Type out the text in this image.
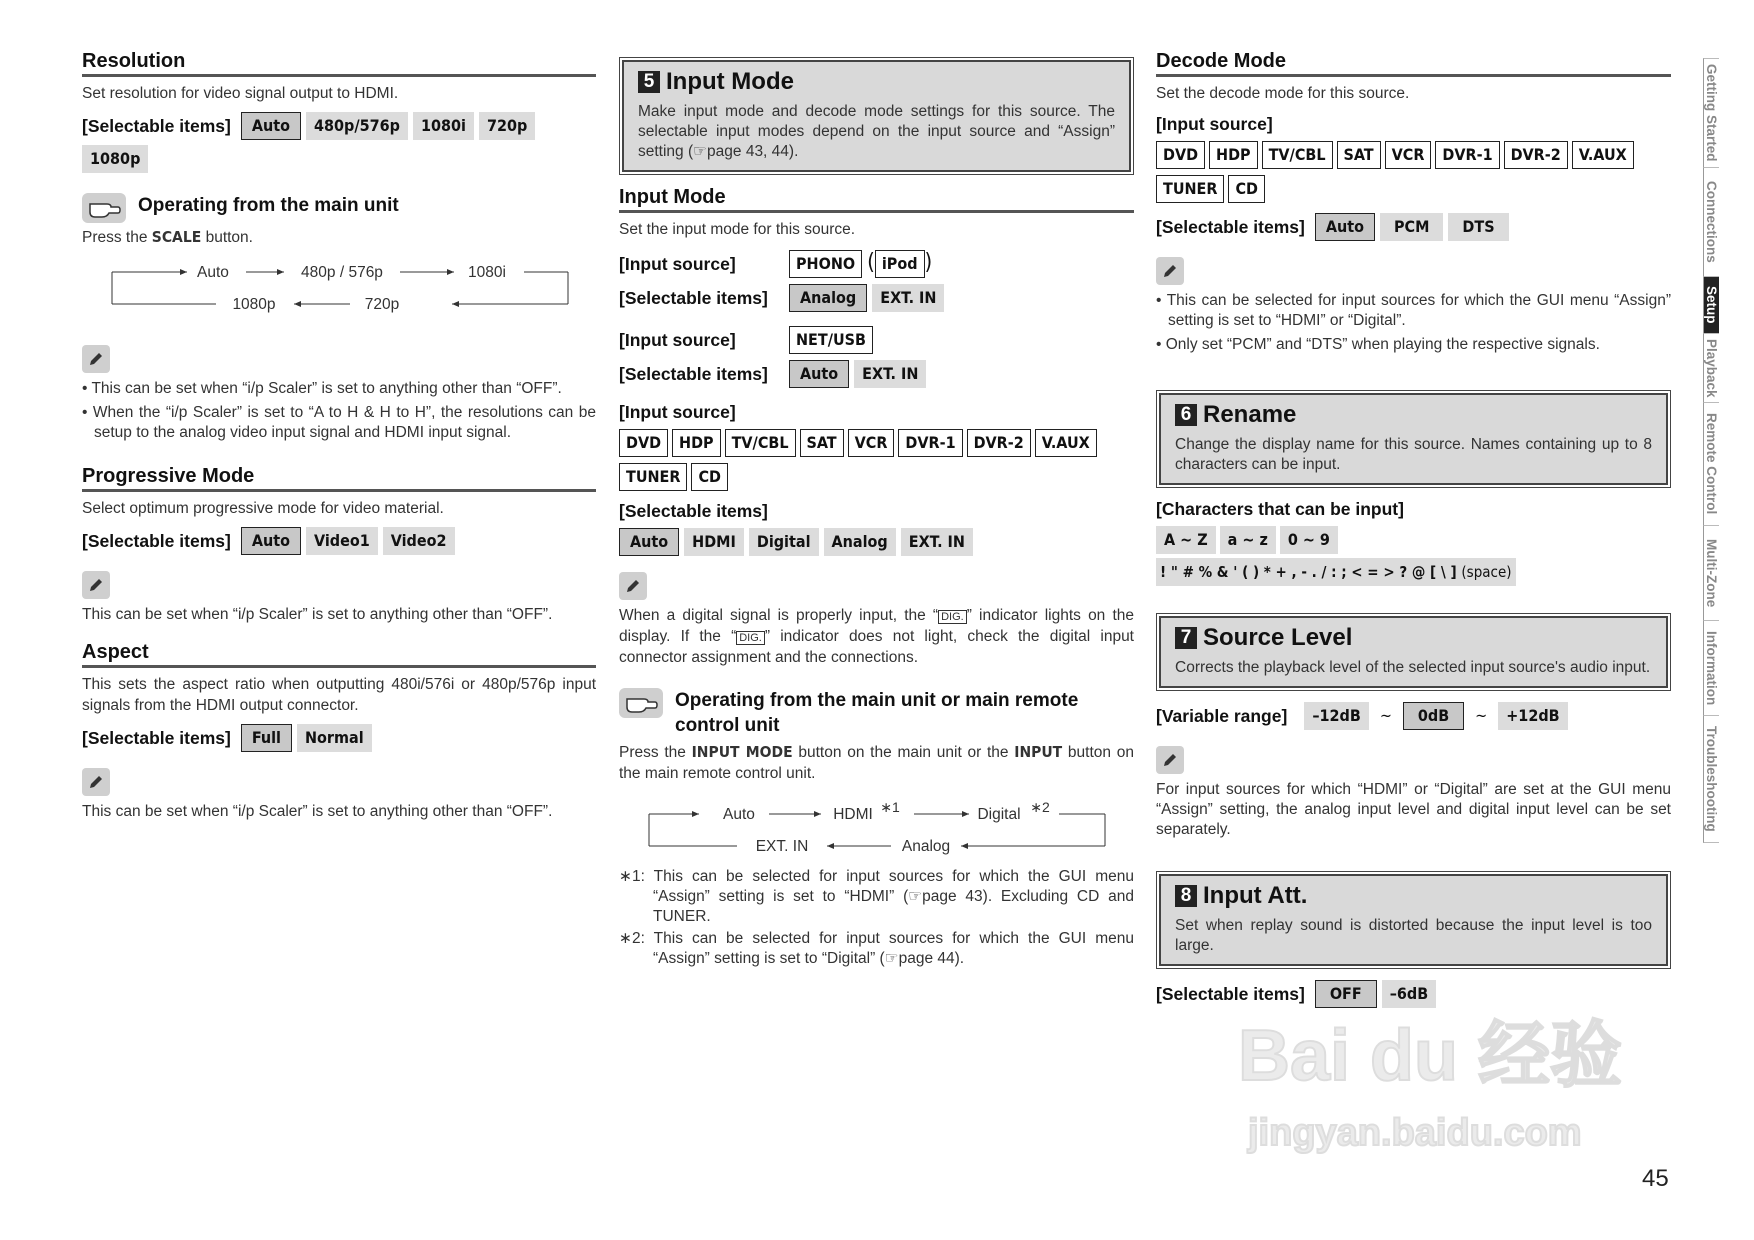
Resolution
Set resolution for video signal output to HDMI.
[Selectable items]	Auto	480p/576p	1080i	720p
1080p
Operating from the main unit
Press the SCALE button.
Auto	480p / 576p	1080i
720p
1080p
• This can be set when “i/p Scaler” is set to anything other than “OFF”.
• When the “i/p Scaler” is set to “A to H & H to H”, the resolutions can be setup to the analog video input signal and HDMI input signal.
Progressive Mode
Select optimum progressive mode for video material.
[Selectable items]	Auto	Video1	Video2
This can be set when “i/p Scaler” is set to anything other than “OFF”.
Aspect
This sets the aspect ratio when outputting 480i/576i or 480p/576p input signals from the HDMI output connector.
[Selectable items]	Full	Normal
This can be set when “i/p Scaler” is set to anything other than “OFF”.
5 Input Mode
Make input mode and decode mode settings for this source. The selectable input modes depend on the input source and “Assign” setting (☞page 43, 44).
Input Mode
Set the input mode for this source.
[Input source]	PHONO ( iPod )
[Selectable items]	Analog	EXT. IN
[Input source]	NET/USB
[Selectable items]	Auto	EXT. IN
[Input source]
DVD	HDP	TV/CBL	SAT	VCR	DVR-1	DVR-2	V.AUX
TUNER	CD
[Selectable items]
Auto	HDMI	Digital	Analog	EXT. IN
When a digital signal is properly input, the “ DIG. ” indicator lights on the display. If the “ DIG. ” indicator does not light, check the digital input connector assignment and the connections.
Operating from the main unit or main remote control unit
Press the INPUT MODE button on the main unit or the INPUT button on the main remote control unit.
Auto	HDMI ∗1	Digital ∗2
Analog
EXT. IN
∗1: This can be selected for input sources for which the GUI menu “Assign” setting is set to “HDMI” (☞page 43). Excluding CD and TUNER.
∗2: This can be selected for input sources for which the GUI menu “Assign” setting is set to “Digital” (☞page 44).
Decode Mode
Set the decode mode for this source.
[Input source]
DVD	HDP	TV/CBL	SAT	VCR	DVR-1	DVR-2	V.AUX
TUNER	CD
[Selectable items]	Auto	PCM	DTS
• This can be selected for input sources for which the GUI menu “Assign” setting is set to “HDMI” or “Digital”.
• Only set “PCM” and “DTS” when playing the respective signals.
6 Rename
Change the display name for this source. Names containing up to 8 characters can be input.
[Characters that can be input]
A ~ Z	a ~ z	0 ~ 9
! " # % & ' ( ) * + , - . / : ; < = > ? @ [ \ ] (space)
7 Source Level
Corrects the playback level of the selected input source's audio input.
[Variable range]	–12dB	~	0dB	~	+12dB
For input sources for which “HDMI” or “Digital” are set at the GUI menu “Assign” setting, the analog input level and digital input level can be set separately.
8 Input Att.
Set when replay sound is distorted because the input level is too large.
[Selectable items]	OFF	–6dB
Getting Started
Connections
Setup
Playback
Remote Control
Multi-Zone
Information
Troubleshooting
45
Bai du 经验
jingyan.baidu.com
